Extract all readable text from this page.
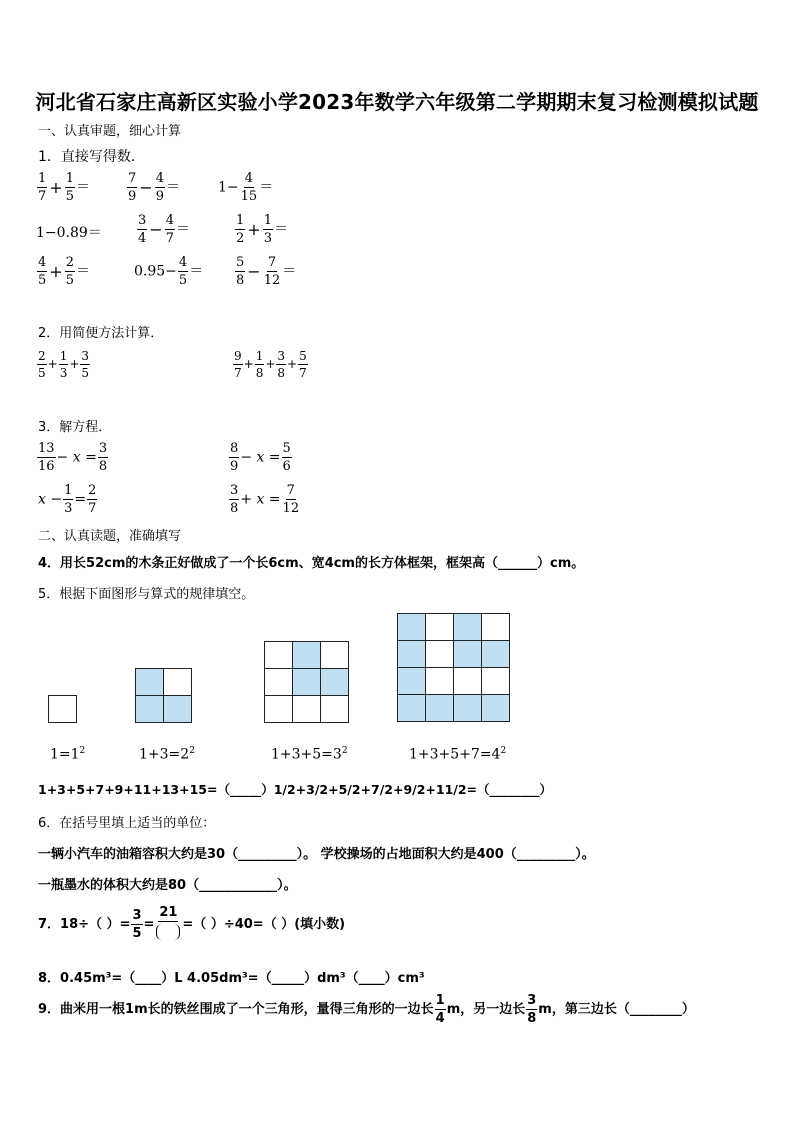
河北省石家庄高新区实验小学2023年数学六年级第二学期期末复习检测模拟试题
一、认真审题，细心计算
1．直接写得数．
$\frac{1}{7} + \frac{1}{5}$ ＝	$\frac{7}{9} - \frac{4}{9}$ ＝	$1- \frac{4}{15}$ ＝
1−0.89＝	$\frac{3}{4} - \frac{4}{7}$ ＝	$\frac{1}{2} + \frac{1}{3}$ ＝
$\frac{4}{5} + \frac{2}{5}$ ＝	$0.95- \frac{4}{5} = \frac{5}{8} - \frac{7}{12}$ ＝
2．用简便方法计算．
$\frac{2}{5} + \frac{1}{3} + \frac{3}{5}$	$\frac{9}{7} + \frac{1}{8} + \frac{3}{8} + \frac{5}{7}$
3．解方程．
$\frac{13}{16} - x = \frac{3}{8}$	$\frac{8}{9} - x = \frac{5}{6}$
$x - \frac{1}{3} = \frac{2}{7}$	$\frac{3}{8} + x = \frac{7}{12}$
二、认真读题，准确填写
4．用长52cm的木条正好做成了一个长6cm、宽4cm的长方体框架，框架高（______）cm。
5．根据下面图形与算式的规律填空。

$1=1^2$	$1+3=2^2$	$1+3+5=3^2$	$1+3+5+7=4^2$
1+3+5+7+9+11+13+15=（_____）1/2+3/2+5/2+7/2+9/2+11/2=（________）
6．在括号里填上适当的单位：
一辆小汽车的油箱容积大约是30（_________）。 学校操场的占地面积大约是400（_________）。
一瓶墨水的体积大约是80（____________）。
7．18÷（ ）= $\frac{3}{5}$ =
21
=（ ）÷40=（ ）(填小数)
8．0.45m³=（____）L 4.05dm³=（_____）dm³（____）cm³
9．曲米用一根1m长的铁丝围成了一个三角形，量得三角形的一边长 $\frac{1}{4}$ m，另一边长 $\frac{3}{8}$ m，第三边长（________）
